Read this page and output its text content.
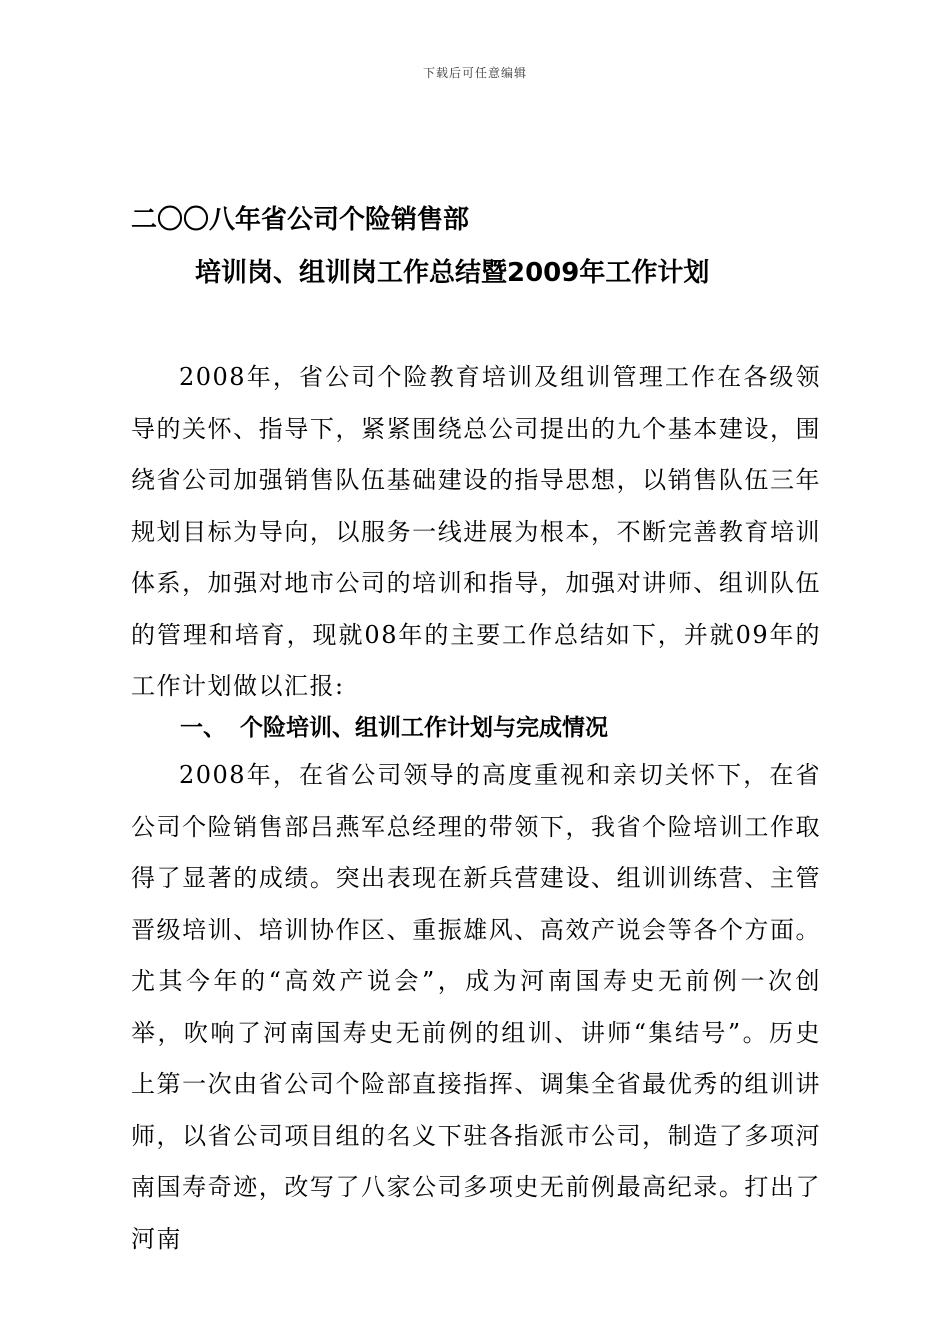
下载后可任意编辑
二〇〇八年省公司个险销售部
培训岗、组训岗工作总结暨2009年工作计划

2008年，省公司个险教育培训及组训管理工作在各级领导的关怀、指导下，紧紧围绕总公司提出的九个基本建设，围绕省公司加强销售队伍基础建设的指导思想，以销售队伍三年规划目标为导向，以服务一线进展为根本，不断完善教育培训体系，加强对地市公司的培训和指导，加强对讲师、组训队伍的管理和培育，现就08年的主要工作总结如下，并就09年的工作计划做以汇报:

一、 个险培训、组训工作计划与完成情况

2008年，在省公司领导的高度重视和亲切关怀下，在省公司个险销售部吕燕军总经理的带领下，我省个险培训工作取得了显著的成绩。突出表现在新兵营建设、组训训练营、主管晋级培训、培训协作区、重振雄风、高效产说会等各个方面。尤其今年的“高效产说会”，成为河南国寿史无前例一次创举，吹响了河南国寿史无前例的组训、讲师“集结号”。历史上第一次由省公司个险部直接指挥、调集全省最优秀的组训讲师，以省公司项目组的名义下驻各指派市公司，制造了多项河南国寿奇迹，改写了八家公司多项史无前例最高纪录。打出了河南
